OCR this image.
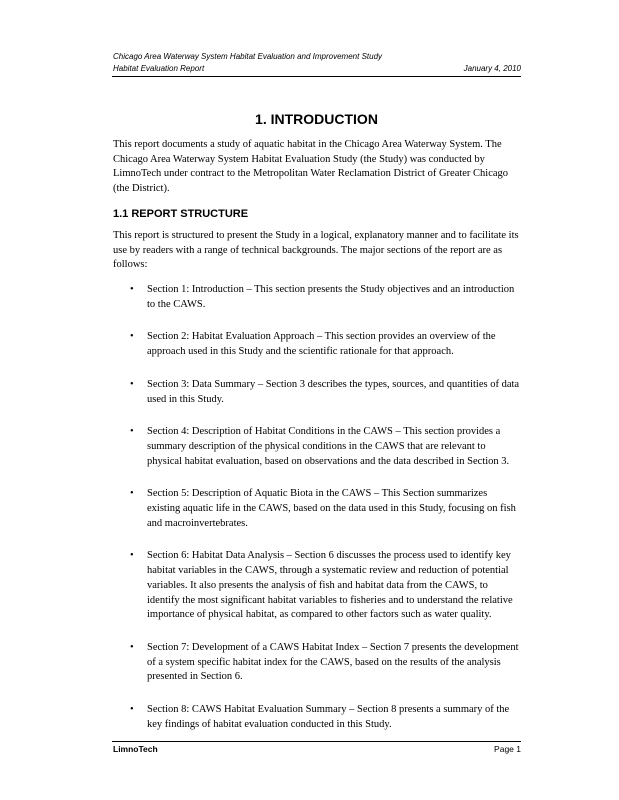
Chicago Area Waterway System Habitat Evaluation and Improvement Study
Habitat Evaluation Report	January 4, 2010
1. INTRODUCTION

This report documents a study of aquatic habitat in the Chicago Area Waterway System. The Chicago Area Waterway System Habitat Evaluation Study (the Study) was conducted by LimnoTech under contract to the Metropolitan Water Reclamation District of Greater Chicago (the District).

1.1 REPORT STRUCTURE

This report is structured to present the Study in a logical, explanatory manner and to facilitate its use by readers with a range of technical backgrounds. The major sections of the report are as follows:

•	Section 1: Introduction – This section presents the Study objectives and an introduction to the CAWS.
•	Section 2: Habitat Evaluation Approach – This section provides an overview of the approach used in this Study and the scientific rationale for that approach.
•	Section 3: Data Summary – Section 3 describes the types, sources, and quantities of data used in this Study.
•	Section 4: Description of Habitat Conditions in the CAWS – This section provides a summary description of the physical conditions in the CAWS that are relevant to physical habitat evaluation, based on observations and the data described in Section 3.
•	Section 5: Description of Aquatic Biota in the CAWS – This Section summarizes existing aquatic life in the CAWS, based on the data used in this Study, focusing on fish and macroinvertebrates.
•	Section 6: Habitat Data Analysis – Section 6 discusses the process used to identify key habitat variables in the CAWS, through a systematic review and reduction of potential variables. It also presents the analysis of fish and habitat data from the CAWS, to identify the most significant habitat variables to fisheries and to understand the relative importance of physical habitat, as compared to other factors such as water quality.
•	Section 7: Development of a CAWS Habitat Index – Section 7 presents the development of a system specific habitat index for the CAWS, based on the results of the analysis presented in Section 6.
•	Section 8: CAWS Habitat Evaluation Summary – Section 8 presents a summary of the key findings of habitat evaluation conducted in this Study.
LimnoTech	Page 1
